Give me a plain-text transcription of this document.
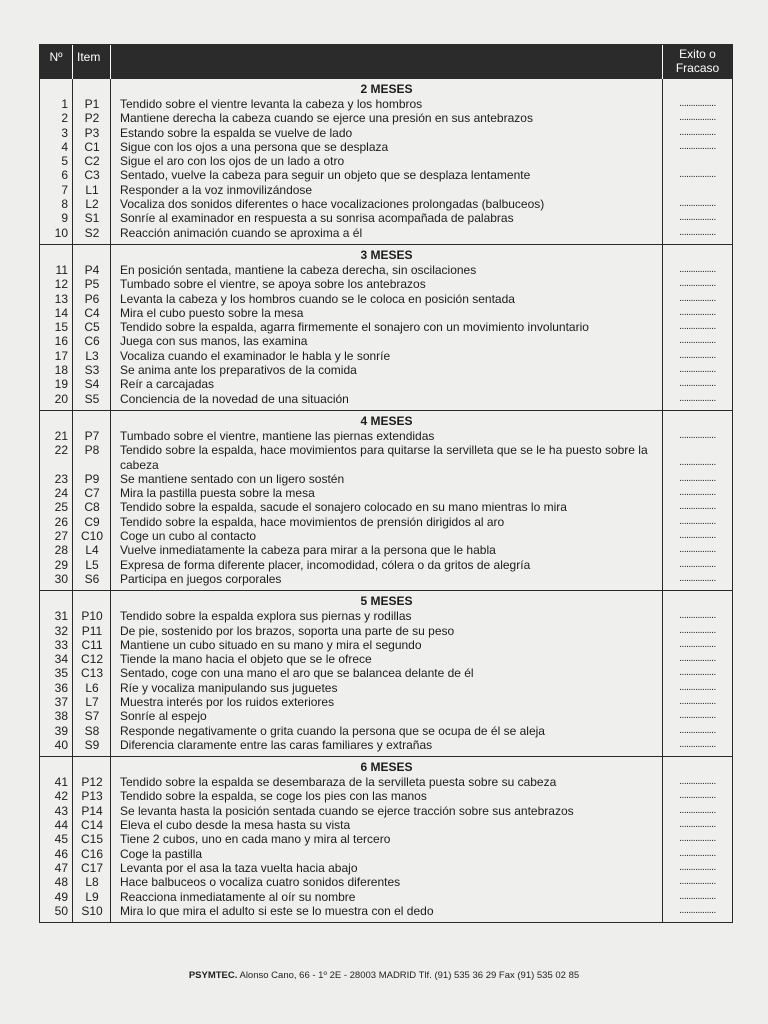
Nº	Item	Exito o
Fracaso
1
2
3
4
5
6
7
8
9
10
P1
P2
P3
C1
C2
C3
L1
L2
S1
S2
2 MESES
Tendido sobre el vientre levanta la cabeza y los hombros
Mantiene derecha la cabeza cuando se ejerce una presión en sus antebrazos
Estando sobre la espalda se vuelve de lado
Sigue con los ojos a una persona que se desplaza
Sigue el aro con los ojos de un lado a otro
Sentado, vuelve la cabeza para seguir un objeto que se desplaza lentamente
Responder a la voz inmovilizándose
Vocaliza dos sonidos diferentes o hace vocalizaciones prolongadas (balbuceos)
Sonríe al examinador en respuesta a su sonrisa acompañada de palabras
Reacción animación cuando se aproxima a él
................
................
................
................
................
................
................
................
11
12
13
14
15
16
17
18
19
20
P4
P5
P6
C4
C5
C6
L3
S3
S4
S5
3 MESES
En posición sentada, mantiene la cabeza derecha, sin oscilaciones
Tumbado sobre el vientre, se apoya sobre los antebrazos
Levanta la cabeza y los hombros cuando se le coloca en posición sentada
Mira el cubo puesto sobre la mesa
Tendido sobre la espalda, agarra firmemente el sonajero con un movimiento involuntario
Juega con sus manos, las examina
Vocaliza cuando el examinador le habla y le sonríe
Se anima ante los preparativos de la comida
Reír a carcajadas
Conciencia de la novedad de una situación
................
................
................
................
................
................
................
................
................
................
21
22
23
24
25
26
27
28
29
30
P7
P8
P9
C7
C8
C9
C10
L4
L5
S6
4 MESES
Tumbado sobre el vientre, mantiene las piernas extendidas
Tendido sobre la espalda, hace movimientos para quitarse la servilleta que se le ha puesto sobre la cabeza
Se mantiene sentado con un ligero sostén
Mira la pastilla puesta sobre la mesa
Tendido sobre la espalda, sacude el sonajero colocado en su mano mientras lo mira
Tendido sobre la espalda, hace movimientos de prensión dirigidos al aro
Coge un cubo al contacto
Vuelve inmediatamente la cabeza para mirar a la persona que le habla
Expresa de forma diferente placer, incomodidad, cólera o da gritos de alegría
Participa en juegos corporales
................
................
................
................
................
................
................
................
................
................
31
32
33
34
35
36
37
38
39
40
P10
P11
C11
C12
C13
L6
L7
S7
S8
S9
5 MESES
Tendido sobre la espalda explora sus piernas y rodillas
De pie, sostenido por los brazos, soporta una parte de su peso
Mantiene un cubo situado en su mano y mira el segundo
Tiende la mano hacia el objeto que se le ofrece
Sentado, coge con una mano el aro que se balancea delante de él
Ríe y vocaliza manipulando sus juguetes
Muestra interés por los ruidos exteriores
Sonríe al espejo
Responde negativamente o grita cuando la persona que se ocupa de él se aleja
Diferencia claramente entre las caras familiares y extrañas
................
................
................
................
................
................
................
................
................
................
41
42
43
44
45
46
47
48
49
50
P12
P13
P14
C14
C15
C16
C17
L8
L9
S10
6 MESES
Tendido sobre la espalda se desembaraza de la servilleta puesta sobre su cabeza
Tendido sobre la espalda, se coge los pies con las manos
Se levanta hasta la posición sentada cuando se ejerce tracción sobre sus antebrazos
Eleva el cubo desde la mesa hasta su vista
Tiene 2 cubos, uno en cada mano y mira al tercero
Coge la pastilla
Levanta por el asa la taza vuelta hacia abajo
Hace balbuceos o vocaliza cuatro sonidos diferentes
Reacciona inmediatamente al oír su nombre
Mira lo que mira el adulto si este se lo muestra con el dedo
................
................
................
................
................
................
................
................
................
................
PSYMTEC. Alonso Cano, 66 - 1º 2E - 28003 MADRID Tlf. (91) 535 36 29 Fax (91) 535 02 85
